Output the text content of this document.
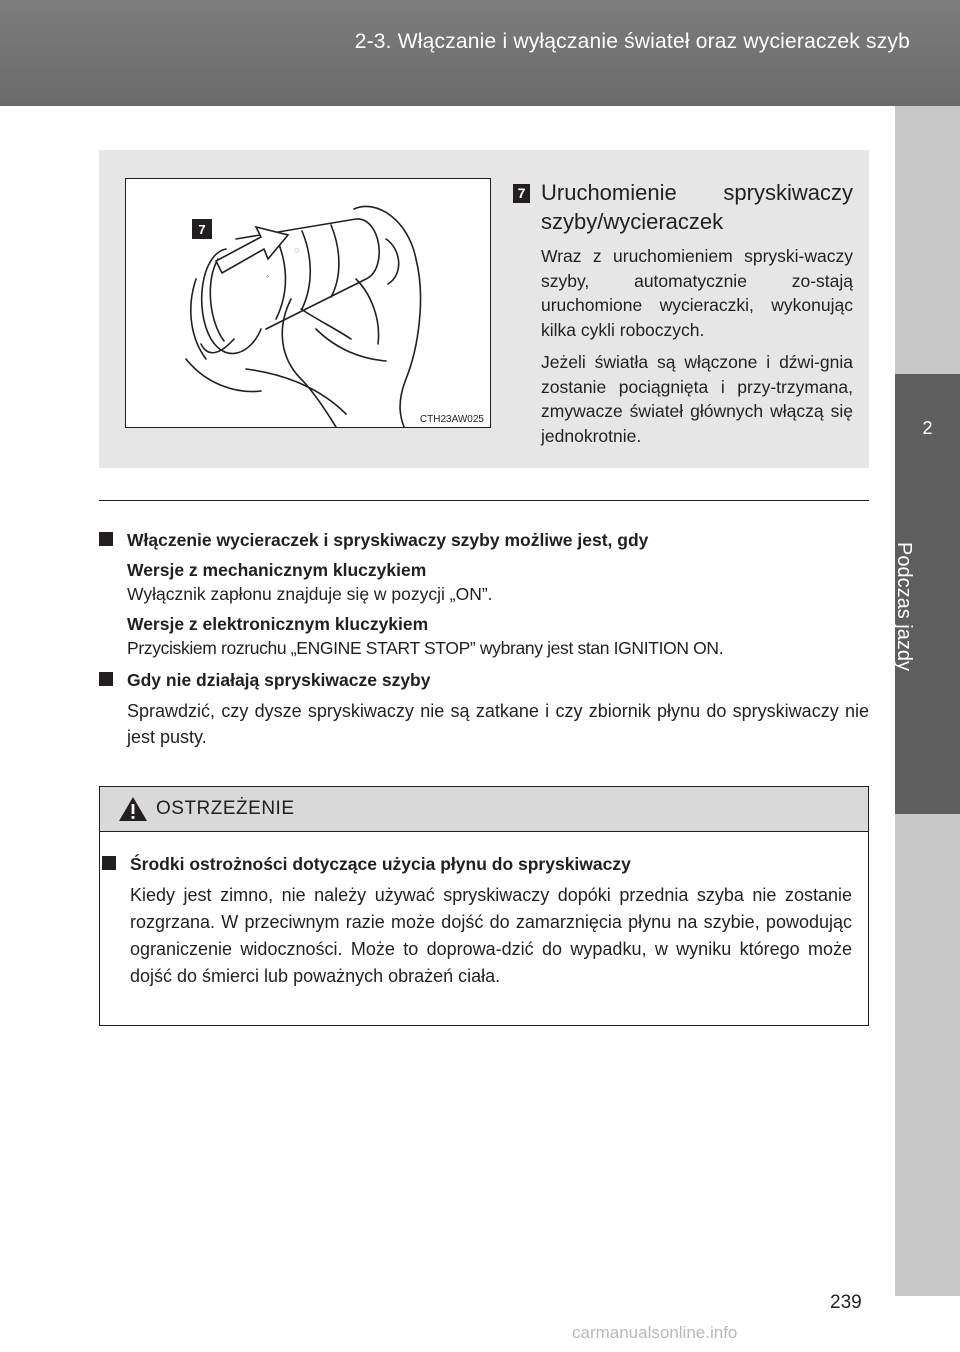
2-3. Włączanie i wyłączanie świateł oraz wycieraczek szyb
2
Podczas jazdy
7
◌
◦
CTH23AW025
7 Uruchomienie spryskiwaczy szyby/wycieraczek
Wraz z uruchomieniem spryski-waczy szyby, automatycznie zo-stają uruchomione wycieraczki, wykonując kilka cykli roboczych.
Jeżeli światła są włączone i dźwi-gnia zostanie pociągnięta i przy-trzymana, zmywacze świateł głównych włączą się jednokrotnie.
Włączenie wycieraczek i spryskiwaczy szyby możliwe jest, gdy
Wersje z mechanicznym kluczykiem
Wyłącznik zapłonu znajduje się w pozycji „ON”.
Wersje z elektronicznym kluczykiem
Przyciskiem rozruchu „ENGINE START STOP” wybrany jest stan IGNITION ON.
Gdy nie działają spryskiwacze szyby
Sprawdzić, czy dysze spryskiwaczy nie są zatkane i czy zbiornik płynu do spryskiwaczy nie jest pusty.
OSTRZEŻENIE
Środki ostrożności dotyczące użycia płynu do spryskiwaczy
Kiedy jest zimno, nie należy używać spryskiwaczy dopóki przednia szyba nie zostanie rozgrzana. W przeciwnym razie może dojść do zamarznięcia płynu na szybie, powodując ograniczenie widoczności. Może to doprowa-dzić do wypadku, w wyniku którego może dojść do śmierci lub poważnych obrażeń ciała.
239
carmanualsonline.info
